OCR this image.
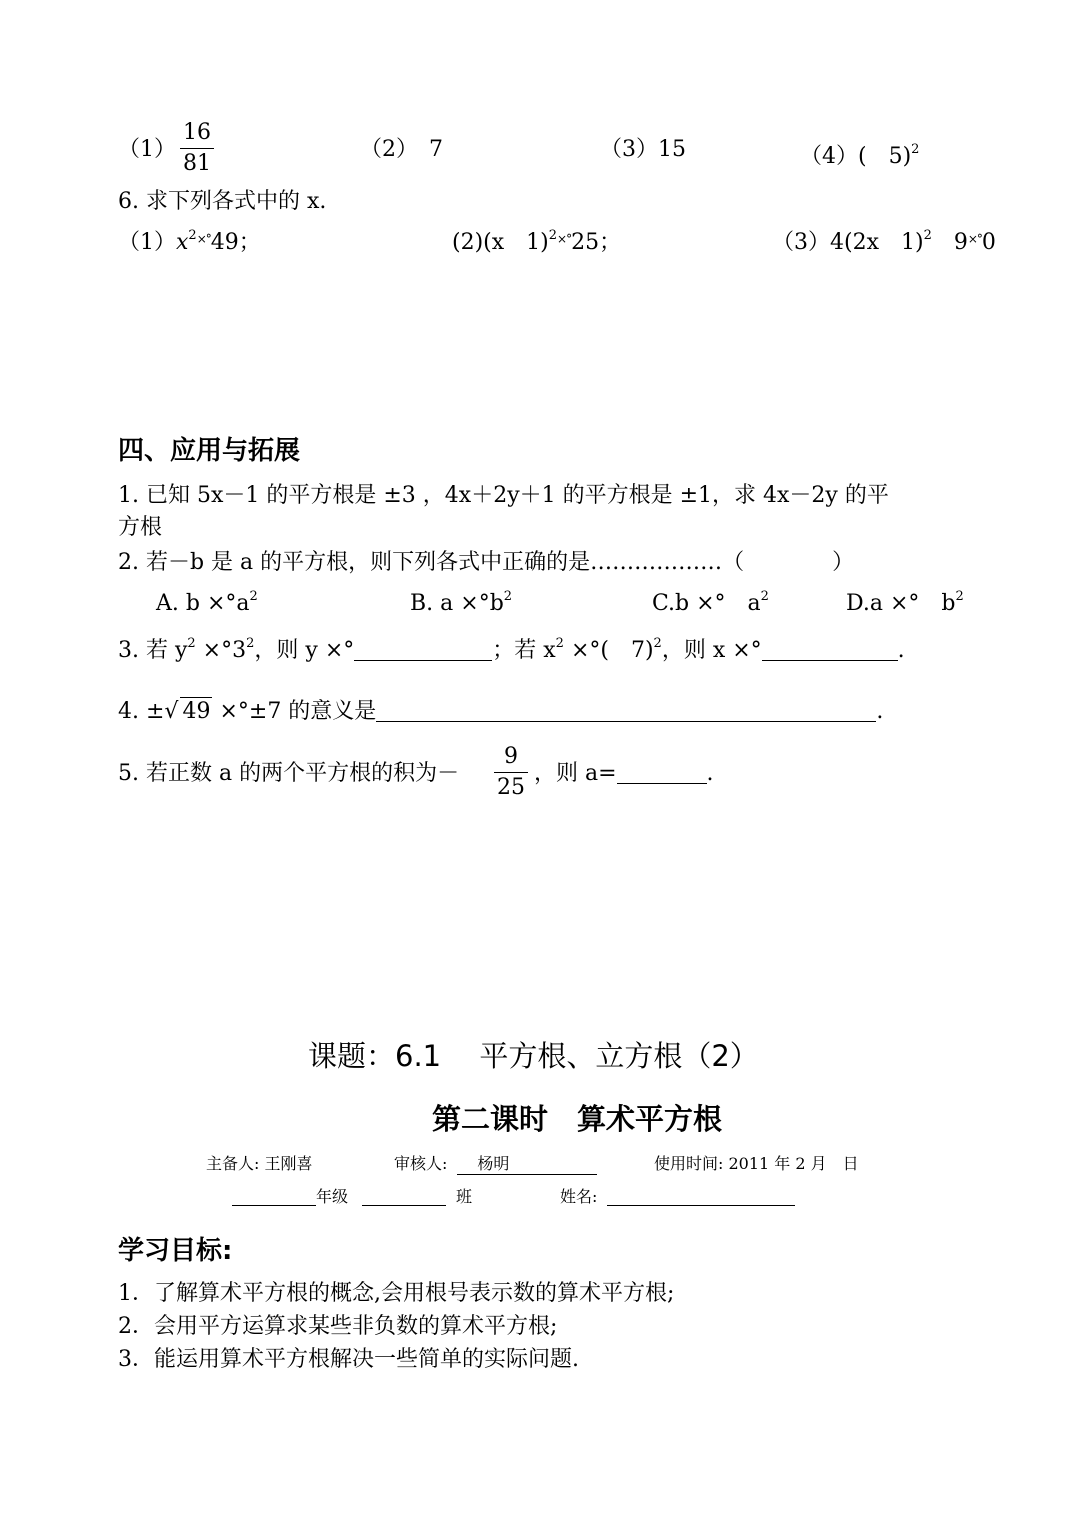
（1）
16
81
（2）　7	（3）15	（4）(　5)$^2$
6. 求下列各式中的 x.
$(1)x^{2\times^\circ}49$；	(2)(x　1)$^{2\times^\circ}$25；	（3）4(2x　1)$^2$　9×°0
四、应用与拓展
1. 已知 5x－1 的平方根是 ±3 ，4x＋2y＋1 的平方根是 ±1，求 4x－2y 的平
方根
2. 若－b 是 a 的平方根，则下列各式中正确的是………………（　　　　）
A. $b \times^\circ a^2$	B. $a \times^\circ b^2$	C.b ×°　$a^2$	D.a ×°　$b^2$
3. 若 $y^2 \times^\circ 3^2$，则 y ×°	；若 $x^2$ ×°(　7)$^2$，则 x ×°	.
4. ±√ 49 ×°±7 的意义是	.
5. 若正数 a 的两个平方根的积为－
9
25
，则 a=	.
课题：6.1　 平方根、立方根（2）
第二课时　算术平方根
主备人: 王刚喜	审核人: 杨明	使用时间: 2011 年 2 月　日
年级	班	姓名:
学习目标:
1．了解算术平方根的概念,会用根号表示数的算术平方根;
2．会用平方运算求某些非负数的算术平方根;
3．能运用算术平方根解决一些简单的实际问题.
